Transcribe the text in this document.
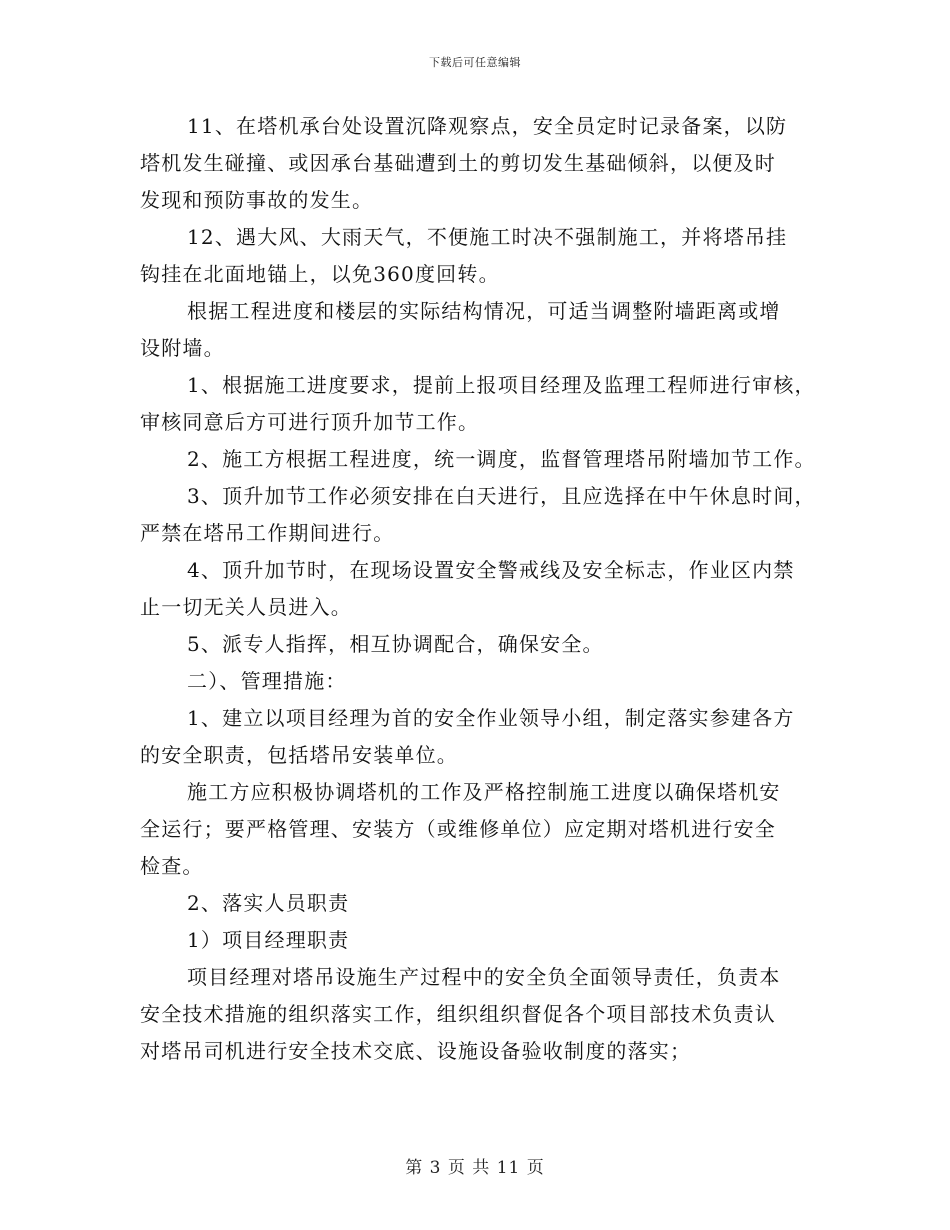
下载后可任意编辑
11、在塔机承台处设置沉降观察点，安全员定时记录备案，以防
塔机发生碰撞、或因承台基础遭到土的剪切发生基础倾斜，以便及时
发现和预防事故的发生。
12、遇大风、大雨天气，不便施工时决不强制施工，并将塔吊挂
钩挂在北面地锚上，以免360度回转。
根据工程进度和楼层的实际结构情况，可适当调整附墙距离或增
设附墙。
1、根据施工进度要求，提前上报项目经理及监理工程师进行审核，
审核同意后方可进行顶升加节工作。
2、施工方根据工程进度，统一调度，监督管理塔吊附墙加节工作。
3、顶升加节工作必须安排在白天进行，且应选择在中午休息时间，
严禁在塔吊工作期间进行。
4、顶升加节时，在现场设置安全警戒线及安全标志，作业区内禁
止一切无关人员进入。
5、派专人指挥，相互协调配合，确保安全。
二）、管理措施：
1、建立以项目经理为首的安全作业领导小组，制定落实参建各方
的安全职责，包括塔吊安装单位。
施工方应积极协调塔机的工作及严格控制施工进度以确保塔机安
全运行；要严格管理、安装方（或维修单位）应定期对塔机进行安全
检查。
2、落实人员职责
1）项目经理职责
项目经理对塔吊设施生产过程中的安全负全面领导责任，负责本
安全技术措施的组织落实工作，组织组织督促各个项目部技术负责认
对塔吊司机进行安全技术交底、设施设备验收制度的落实；
第 3 页 共 11 页
